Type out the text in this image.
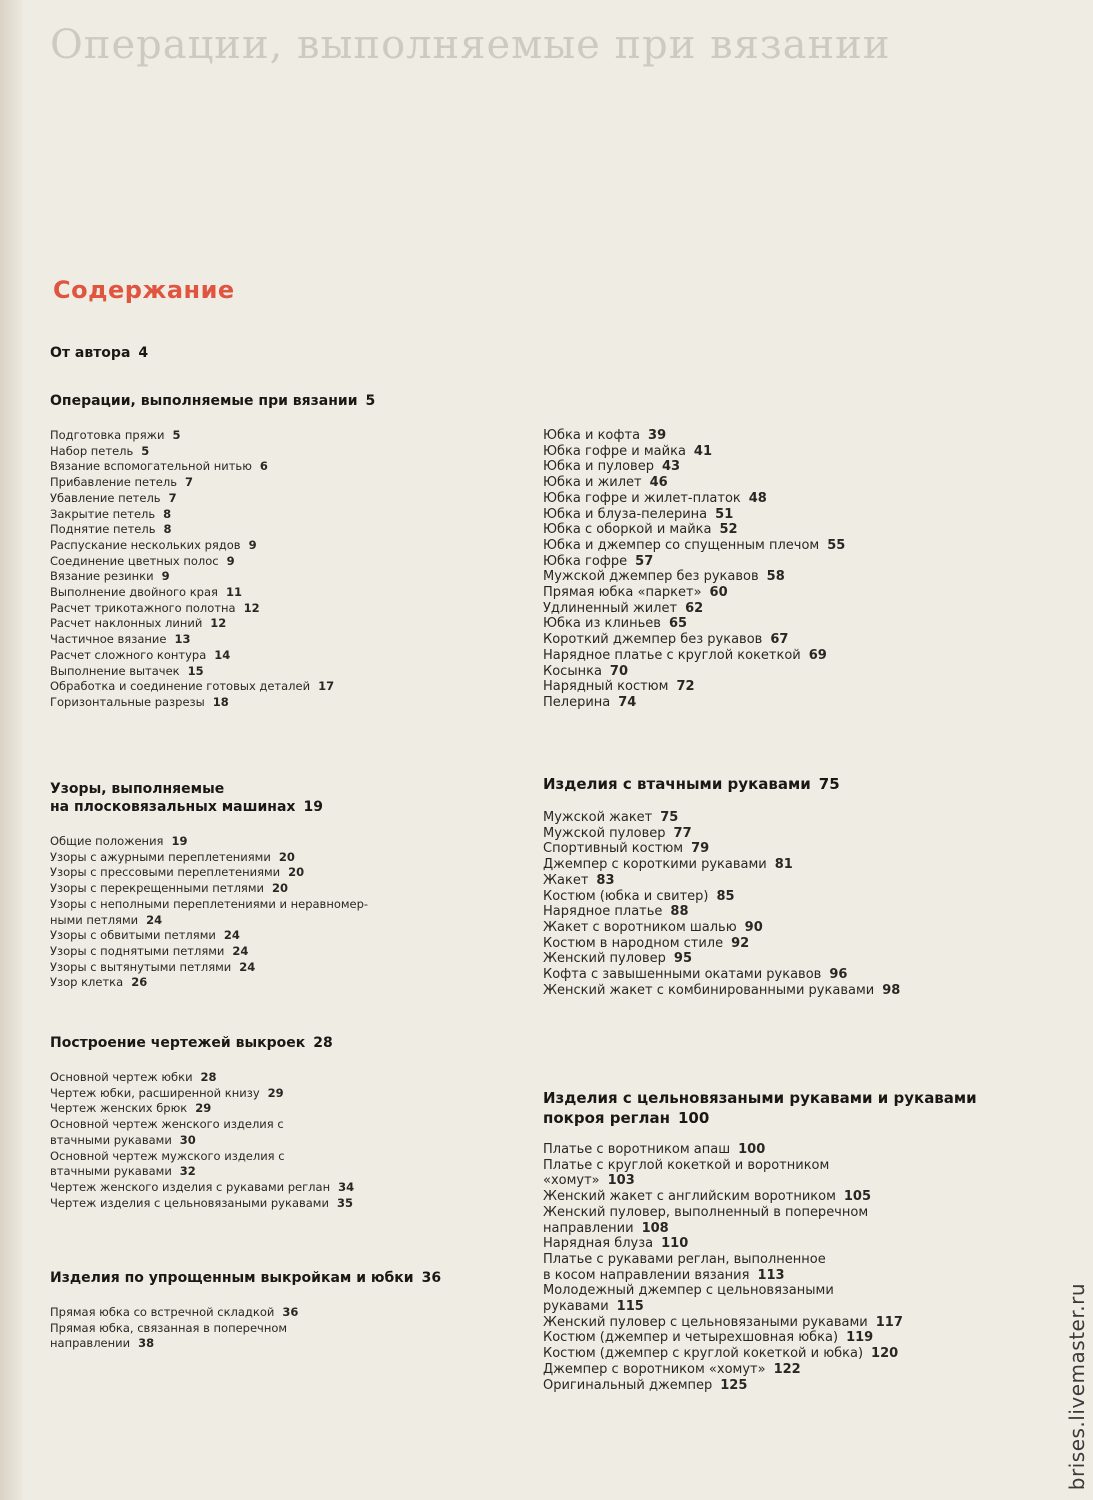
Операции, выполняемые при вязании
Содержание
От автора 4
Операции, выполняемые при вязании 5
Подготовка пряжи 5
Набор петель 5
Вязание вспомогательной нитью 6
Прибавление петель 7
Убавление петель 7
Закрытие петель 8
Поднятие петель 8
Распускание нескольких рядов 9
Соединение цветных полос 9
Вязание резинки 9
Выполнение двойного края 11
Расчет трикотажного полотна 12
Расчет наклонных линий 12
Частичное вязание 13
Расчет сложного контура 14
Выполнение вытачек 15
Обработка и соединение готовых деталей 17
Горизонтальные разрезы 18
Узоры, выполняемые
на плосковязальных машинах 19
Общие положения 19
Узоры с ажурными переплетениями 20
Узоры с прессовыми переплетениями 20
Узоры с перекрещенными петлями 20
Узоры с неполными переплетениями и неравномер-
ными петлями 24
Узоры с обвитыми петлями 24
Узоры с поднятыми петлями 24
Узоры с вытянутыми петлями 24
Узор клетка 26
Построение чертежей выкроек 28
Основной чертеж юбки 28
Чертеж юбки, расширенной книзу 29
Чертеж женских брюк 29
Основной чертеж женского изделия с
втачными рукавами 30
Основной чертеж мужского изделия с
втачными рукавами 32
Чертеж женского изделия с рукавами реглан 34
Чертеж изделия с цельновязаными рукавами 35
Изделия по упрощенным выкройкам и юбки 36
Прямая юбка со встречной складкой 36
Прямая юбка, связанная в поперечном
направлении 38
Юбка и кофта 39
Юбка гофре и майка 41
Юбка и пуловер 43
Юбка и жилет 46
Юбка гофре и жилет-платок 48
Юбка и блуза-пелерина 51
Юбка с оборкой и майка 52
Юбка и джемпер со спущенным плечом 55
Юбка гофре 57
Мужской джемпер без рукавов 58
Прямая юбка «паркет» 60
Удлиненный жилет 62
Юбка из клиньев 65
Короткий джемпер без рукавов 67
Нарядное платье с круглой кокеткой 69
Косынка 70
Нарядный костюм 72
Пелерина 74
Изделия с втачными рукавами 75
Мужской жакет 75
Мужской пуловер 77
Спортивный костюм 79
Джемпер с короткими рукавами 81
Жакет 83
Костюм (юбка и свитер) 85
Нарядное платье 88
Жакет с воротником шалью 90
Костюм в народном стиле 92
Женский пуловер 95
Кофта с завышенными окатами рукавов 96
Женский жакет с комбинированными рукавами 98
Изделия с цельновязаными рукавами и рукавами
покроя реглан 100
Платье с воротником апаш 100
Платье с круглой кокеткой и воротником
«хомут» 103
Женский жакет с английским воротником 105
Женский пуловер, выполненный в поперечном
направлении 108
Нарядная блуза 110
Платье с рукавами реглан, выполненное
в косом направлении вязания 113
Молодежный джемпер с цельновязаными
рукавами 115
Женский пуловер с цельновязаными рукавами 117
Костюм (джемпер и четырехшовная юбка) 119
Костюм (джемпер с круглой кокеткой и юбка) 120
Джемпер с воротником «хомут» 122
Оригинальный джемпер 125	brises.livemaster.ru
